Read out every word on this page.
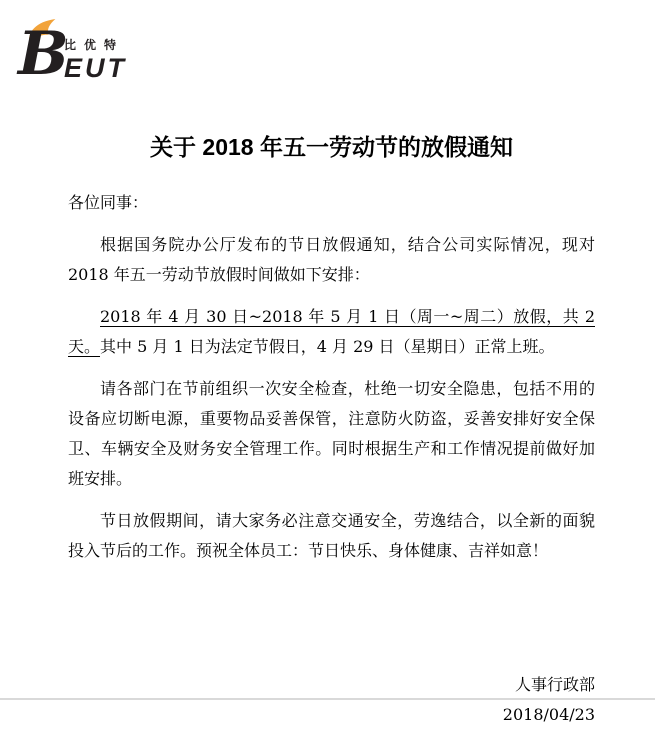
B
比优特
EUT
关于 2018 年五一劳动节的放假通知

各位同事：

根据国务院办公厅发布的节日放假通知，结合公司实际情况，现对 2018 年五一劳动节放假时间做如下安排：

2018 年 4 月 30 日~2018 年 5 月 1 日（周一~周二）放假，共 2 天。其中 5 月 1 日为法定节假日，4 月 29 日（星期日）正常上班。

请各部门在节前组织一次安全检查，杜绝一切安全隐患，包括不用的设备应切断电源，重要物品妥善保管，注意防火防盗，妥善安排好安全保卫、车辆安全及财务安全管理工作。同时根据生产和工作情况提前做好加班安排。

节日放假期间，请大家务必注意交通安全，劳逸结合，以全新的面貌投入节后的工作。预祝全体员工：节日快乐、身体健康、吉祥如意！

人事行政部
2018/04/23
